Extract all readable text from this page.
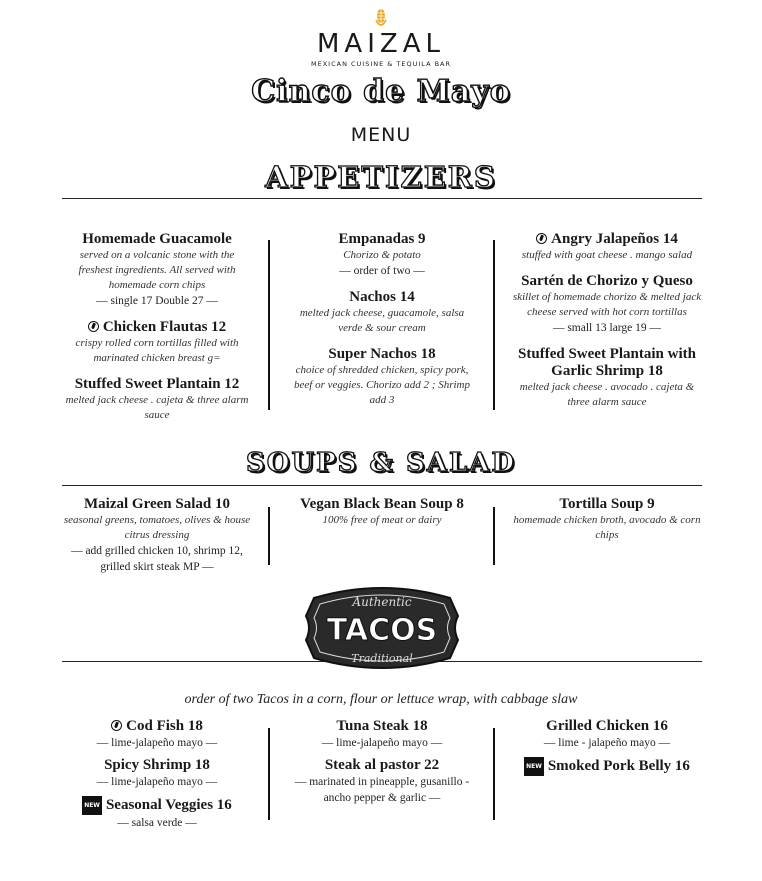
MAIZAL
MEXICAN CUISINE & TEQUILA BAR
Cinco de Mayo
MENU
APPETIZERS
Homemade Guacamole
served on a volcanic stone with the freshest ingredients. All served with homemade corn chips
— single 17 Double 27 —
Chicken Flautas 12
crispy rolled corn tortillas filled with marinated chicken breast g=
Stuffed Sweet Plantain 12
melted jack cheese . cajeta & three alarm sauce
Empanadas 9
Chorizo & potato
— order of two —
Nachos 14
melted jack cheese, guacamole, salsa verde & sour cream
Super Nachos 18
choice of shredded chicken, spicy pork, beef or veggies. Chorizo add 2 ; Shrimp add 3
Angry Jalapeños 14
stuffed with goat cheese . mango salad
Sartén de Chorizo y Queso
skillet of homemade chorizo & melted jack cheese served with hot corn tortillas
— small 13 large 19 —
Stuffed Sweet Plantain with Garlic Shrimp 18
melted jack cheese . avocado . cajeta & three alarm sauce
SOUPS & SALAD
Maizal Green Salad 10
seasonal greens, tomatoes, olives & house citrus dressing
— add grilled chicken 10, shrimp 12, grilled skirt steak MP —
Vegan Black Bean Soup 8
100% free of meat or dairy
Tortilla Soup 9
homemade chicken broth, avocado & corn chips
Authentic
TACOS
Traditional
order of two Tacos in a corn, flour or lettuce wrap, with cabbage slaw
Cod Fish 18
— lime-jalapeño mayo —
Spicy Shrimp 18
— lime-jalapeño mayo —
NEW Seasonal Veggies 16
— salsa verde —
Tuna Steak 18
— lime-jalapeño mayo —
Steak al pastor 22
— marinated in pineapple, gusanillo - ancho pepper & garlic —
Grilled Chicken 16
— lime - jalapeño mayo —
NEW Smoked Pork Belly 16
